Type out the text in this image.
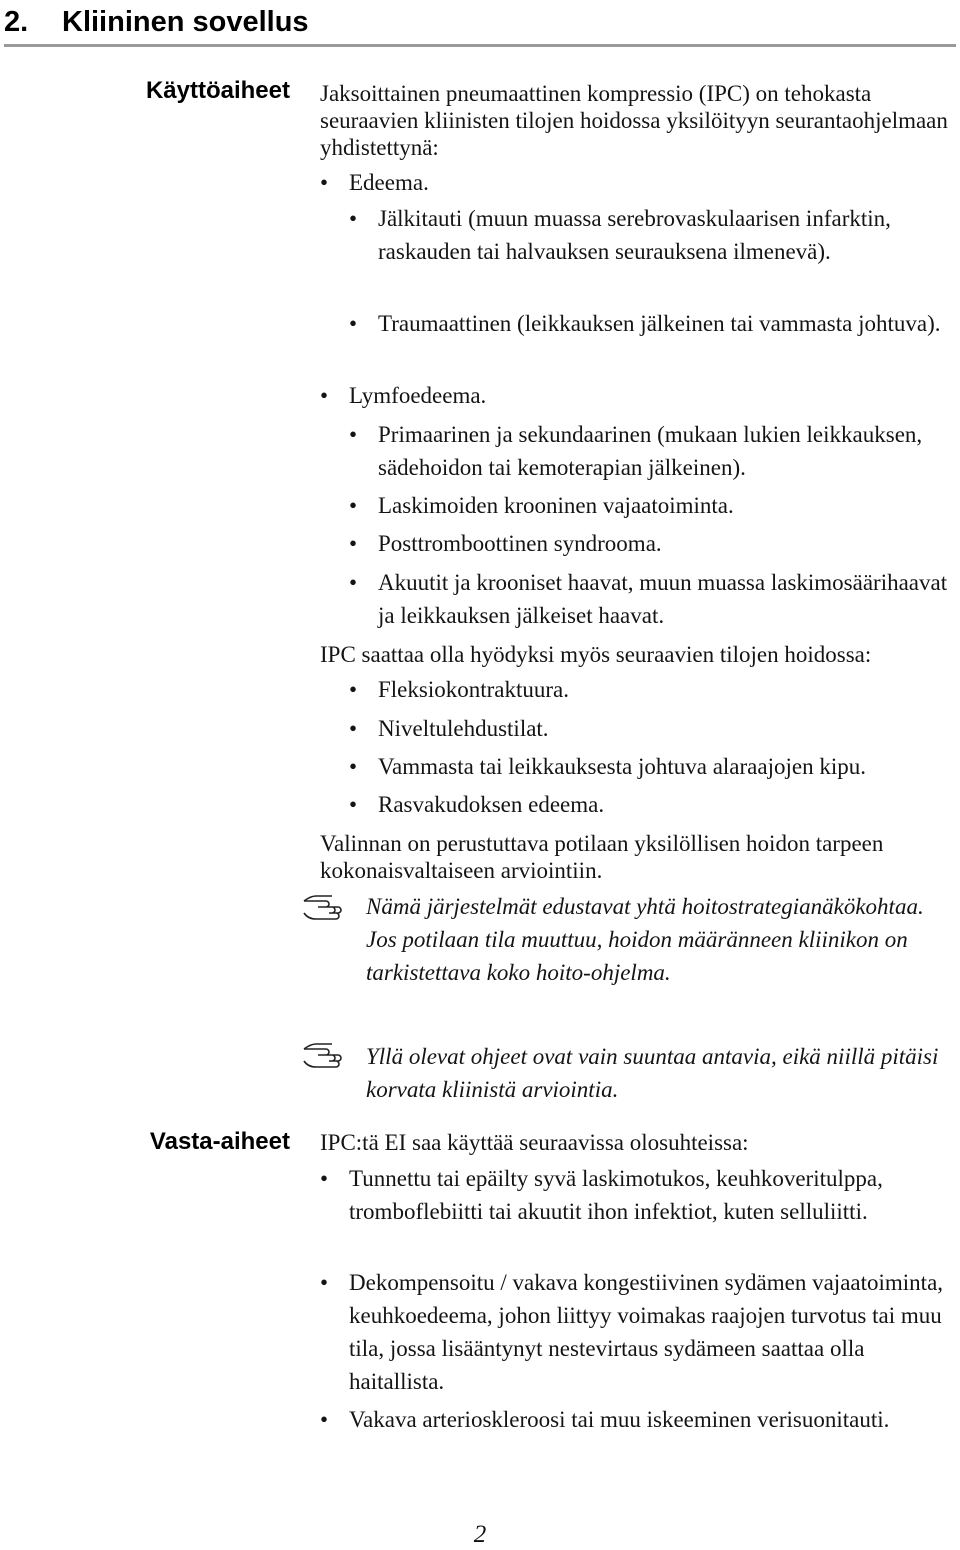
2. Kliininen sovellus
Käyttöaiheet Jaksoittainen pneumaattinen kompressio (IPC) on tehokasta seuraavien kliinisten tilojen hoidossa yksilöityyn seurantaohjelmaan yhdistettynä:

• Edeema.
• Jälkitauti (muun muassa serebrovaskulaarisen infarktin, raskauden tai halvauksen seurauksena ilmenevä).
• Traumaattinen (leikkauksen jälkeinen tai vammasta johtuva).
• Lymfoedeema.
• Primaarinen ja sekundaarinen (mukaan lukien leikkauksen, sädehoidon tai kemoterapian jälkeinen).
• Laskimoiden krooninen vajaatoiminta.
• Posttromboottinen syndrooma.
• Akuutit ja krooniset haavat, muun muassa laskimosäärihaavat ja leikkauksen jälkeiset haavat.

IPC saattaa olla hyödyksi myös seuraavien tilojen hoidossa:

• Fleksiokontraktuura.
• Niveltulehdustilat.
• Vammasta tai leikkauksesta johtuva alaraajojen kipu.
• Rasvakudoksen edeema.

Valinnan on perustuttava potilaan yksilöllisen hoidon tarpeen kokonaisvaltaiseen arviointiin.

Nämä järjestelmät edustavat yhtä hoitostrategianäkökohtaa. Jos potilaan tila muuttuu, hoidon määränneen kliinikon on tarkistettava koko hoito-ohjelma.

Yllä olevat ohjeet ovat vain suuntaa antavia, eikä niillä pitäisi korvata kliinistä arviointia.

Vasta-aiheet IPC:tä EI saa käyttää seuraavissa olosuhteissa:

• Tunnettu tai epäilty syvä laskimotukos, keuhkoveritulppa, tromboflebiitti tai akuutit ihon infektiot, kuten selluliitti.
• Dekompensoitu / vakava kongestiivinen sydämen vajaatoiminta, keuhkoedeema, johon liittyy voimakas raajojen turvotus tai muu tila, jossa lisääntynyt nestevirtaus sydämeen saattaa olla haitallista.
• Vakava arterioskleroosi tai muu iskeeminen verisuonitauti.
2
